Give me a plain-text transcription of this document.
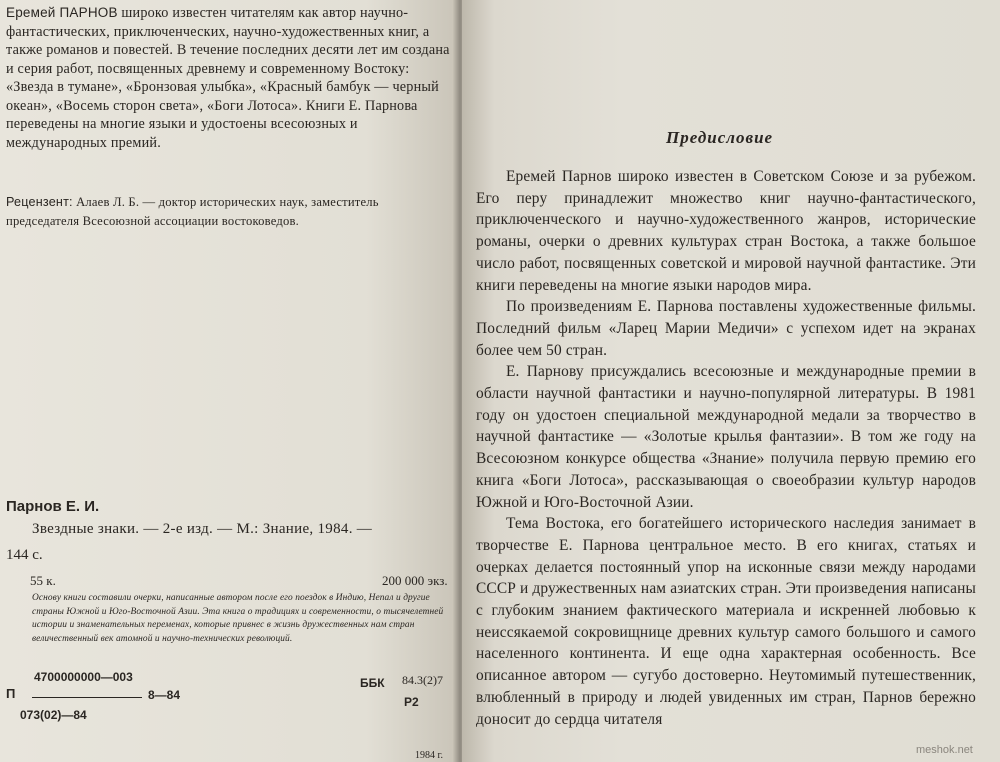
Еремей ПАРНОВ широко известен читателям как автор научно-фантастических, приключенческих, научно-художественных книг, а также романов и повестей. В течение последних десяти лет им создана и серия работ, посвященных древнему и современному Востоку: «Звезда в тумане», «Бронзовая улыбка», «Красный бамбук — черный океан», «Восемь сторон света», «Боги Лотоса». Книги Е. Парнова переведены на многие языки и удостоены всесоюзных и международных премий.

Рецензент: Алаев Л. Б. — доктор исторических наук, заместитель председателя Всесоюзной ассоциации востоковедов.
Парнов Е. И.
Звездные знаки. — 2-е изд. — М.: Знание, 1984. —
144 с.
55 к.	200 000 экз.
Основу книги составили очерки, написанные автором после его поездок в Индию, Непал и другие страны Южной и Юго-Восточной Азии. Эта книга о традициях и современности, о тысячелетней истории и знаменательных переменах, которые привнес в жизнь дружественных нам стран величественный век атомной и научно-технических революций.
4700000000—003
П	8—84
073(02)—84
ББК 84.3(2)7
Р2
1984 г.
Предисловие

Еремей Парнов широко известен в Советском Союзе и за рубежом. Его перу принадлежит множество книг научно-фантастического, приключенческого и научно-художественного жанров, исторические романы, очерки о древних культурах стран Востока, а также большое число работ, посвященных советской и мировой научной фантастике. Эти книги переведены на многие языки народов мира.

По произведениям Е. Парнова поставлены художественные фильмы. Последний фильм «Ларец Марии Медичи» с успехом идет на экранах более чем 50 стран.

Е. Парнову присуждались всесоюзные и международные премии в области научной фантастики и научно-популярной литературы. В 1981 году он удостоен специальной международной медали за творчество в научной фантастике — «Золотые крылья фантазии». В том же году на Всесоюзном конкурсе общества «Знание» получила первую премию его книга «Боги Лотоса», рассказывающая о своеобразии культур народов Южной и Юго-Восточной Азии.

Тема Востока, его богатейшего исторического наследия занимает в творчестве Е. Парнова центральное место. В его книгах, статьях и очерках делается постоянный упор на исконные связи между народами СССР и дружественных нам азиатских стран. Эти произведения написаны с глубоким знанием фактического материала и искренней любовью к неиссякаемой сокровищнице древних культур самого большого и самого населенного континента. И еще одна характерная особенность. Все описанное автором — сугубо достоверно. Неутомимый путешественник, влюбленный в природу и людей увиденных им стран, Парнов бережно доносит до сердца читателя

meshok.net
